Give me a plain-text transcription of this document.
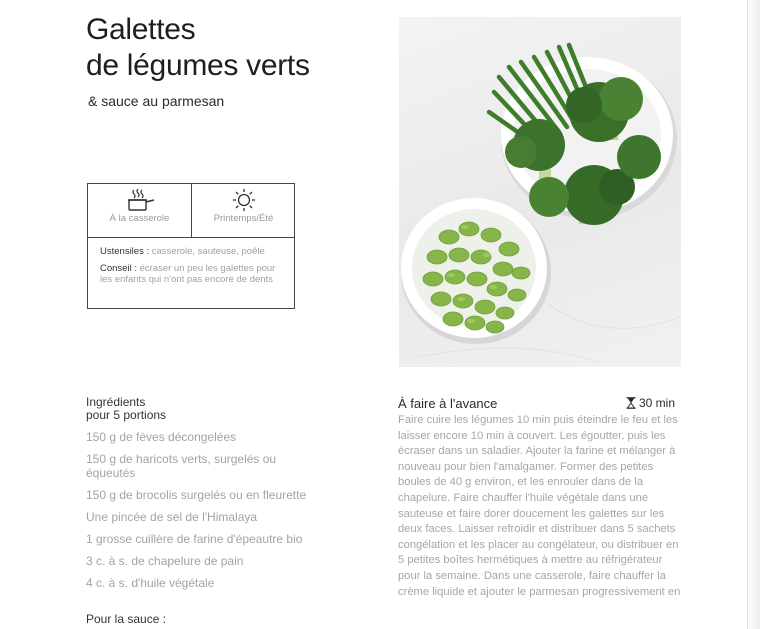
Galettes
de légumes verts
& sauce au parmesan
À la casserole	Printemps/Été

Ustensiles : casserole, sauteuse, poêle

Conseil : écraser un peu les galettes pour les enfants qui n'ont pas encore de dents

Ingrédients
pour 5 portions
150 g de fèves décongelées
150 g de haricots verts, surgelés ou équeutés
150 g de brocolis surgelés ou en fleurette
Une pincée de sel de l'Himalaya
1 grosse cuillère de farine d'épeautre bio
3 c. à s. de chapelure de pain
4 c. à s. d'huile végétale
Pour la sauce :
À faire à l'avance	30 min

Faire cuire les légumes 10 min puis éteindre le feu et les laisser encore 10 min à couvert. Les égoutter, puis les écraser dans un saladier. Ajouter la farine et mélanger à nouveau pour bien l'amalgamer. Former des petites boules de 40 g environ, et les enrouler dans de la chapelure. Faire chauffer l'huile végétale dans une sauteuse et faire dorer doucement les galettes sur les deux faces. Laisser refroidir et distribuer dans 5 sachets congélation et les placer au congélateur, ou distribuer en 5 petites boîtes hermétiques à mettre au réfrigérateur pour la semaine. Dans une casserole, faire chauffer la crème liquide et ajouter le parmesan progressivement en
